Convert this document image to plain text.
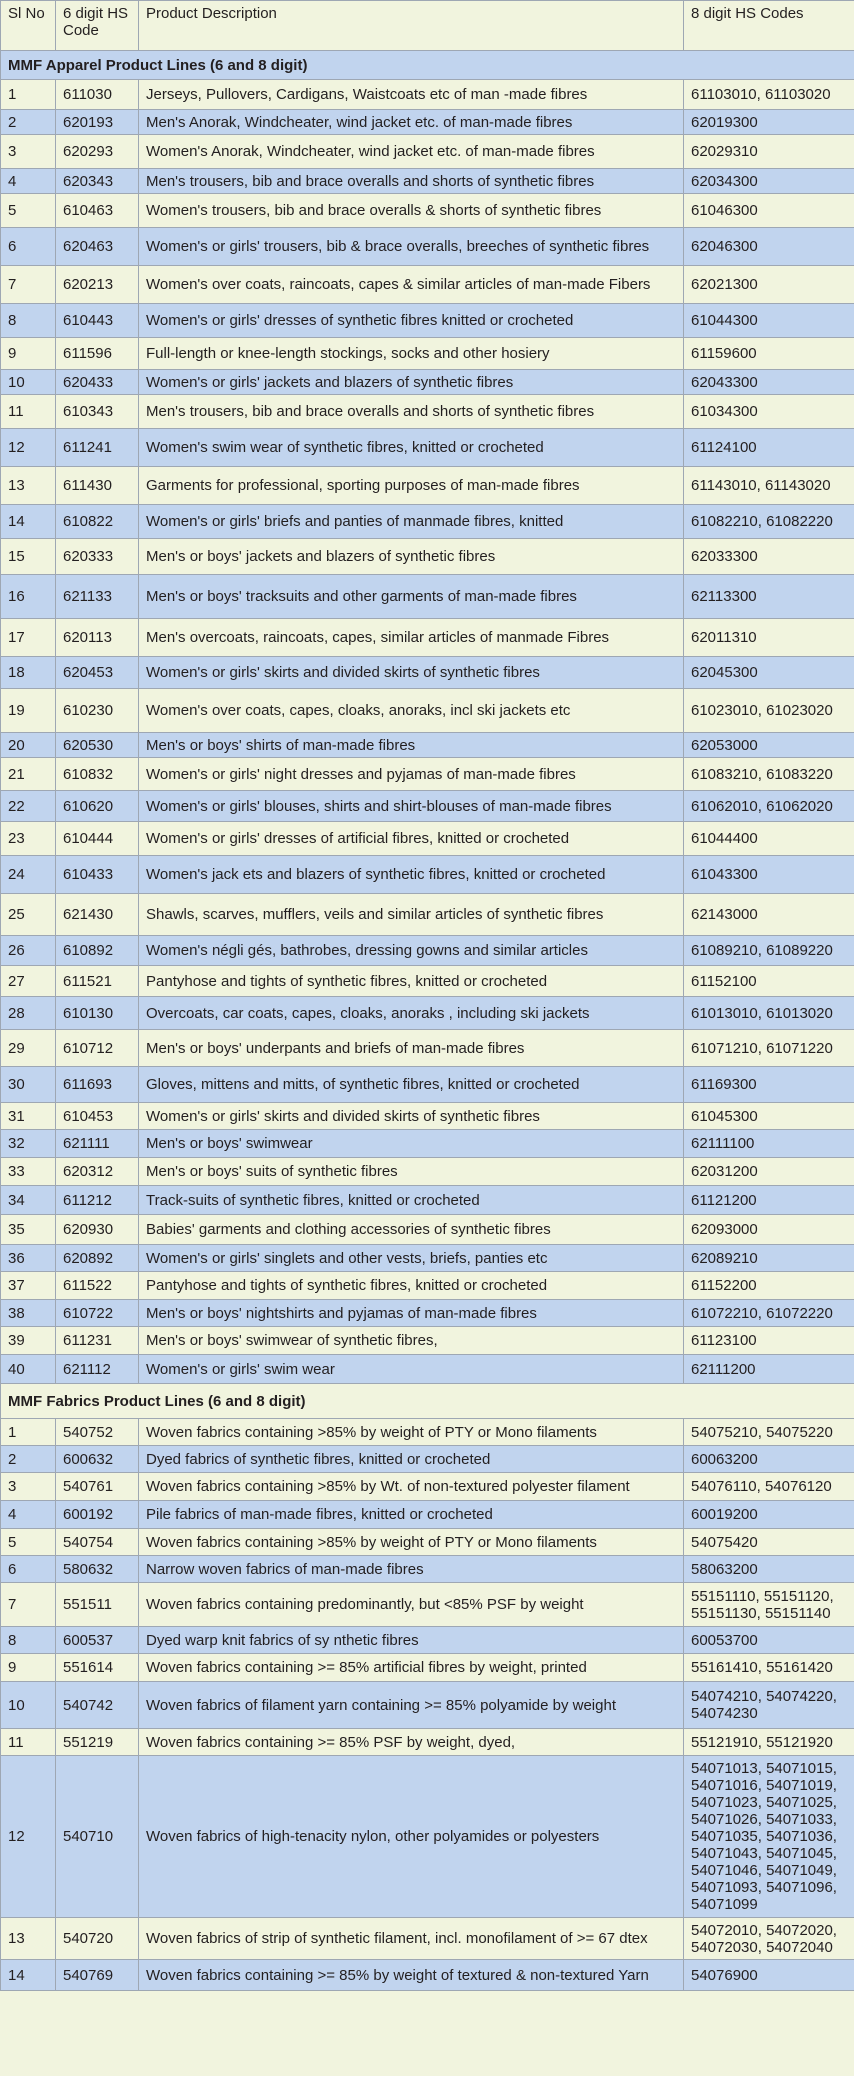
Sl No	6 digit HS Code	Product Description	8 digit HS Codes
MMF Apparel Product Lines (6 and 8 digit)			
1	611030	Jerseys, Pullovers, Cardigans, Waistcoats etc of man -made fibres	61103010, 61103020
2	620193	Men's Anorak, Windcheater, wind jacket etc. of man-made fibres	62019300
3	620293	Women's Anorak, Windcheater, wind jacket etc. of man-made fibres	62029310
4	620343	Men's trousers, bib and brace overalls and shorts of synthetic fibres	62034300
5	610463	Women's trousers, bib and brace overalls & shorts of synthetic fibres	61046300
6	620463	Women's or girls' trousers, bib & brace overalls, breeches of synthetic fibres	62046300
7	620213	Women's over coats, raincoats, capes & similar articles of man-made Fibers	62021300
8	610443	Women's or girls' dresses of synthetic fibres knitted or crocheted	61044300
9	611596	Full-length or knee-length stockings, socks and other hosiery	61159600
10	620433	Women's or girls' jackets and blazers of synthetic fibres	62043300
11	610343	Men's trousers, bib and brace overalls and shorts of synthetic fibres	61034300
12	611241	Women's swim wear of synthetic fibres, knitted or crocheted	61124100
13	611430	Garments for professional, sporting purposes of man-made fibres	61143010, 61143020
14	610822	Women's or girls' briefs and panties of manmade fibres, knitted	61082210, 61082220
15	620333	Men's or boys' jackets and blazers of synthetic fibres	62033300
16	621133	Men's or boys' tracksuits and other garments of man-made fibres	62113300
17	620113	Men's overcoats, raincoats, capes, similar articles of manmade Fibres	62011310
18	620453	Women's or girls' skirts and divided skirts of synthetic fibres	62045300
19	610230	Women's over coats, capes, cloaks, anoraks, incl ski jackets etc	61023010, 61023020
20	620530	Men's or boys' shirts of man-made fibres	62053000
21	610832	Women's or girls' night dresses and pyjamas of man-made fibres	61083210, 61083220
22	610620	Women's or girls' blouses, shirts and shirt-blouses of man-made fibres	61062010, 61062020
23	610444	Women's or girls' dresses of artificial fibres, knitted or crocheted	61044400
24	610433	Women's jack ets and blazers of synthetic fibres, knitted or crocheted	61043300
25	621430	Shawls, scarves, mufflers, veils and similar articles of synthetic fibres	62143000
26	610892	Women's négli gés, bathrobes, dressing gowns and similar articles	61089210, 61089220
27	611521	Pantyhose and tights of synthetic fibres, knitted or crocheted	61152100
28	610130	Overcoats, car coats, capes, cloaks, anoraks , including ski jackets	61013010, 61013020
29	610712	Men's or boys' underpants and briefs of man-made fibres	61071210, 61071220
30	611693	Gloves, mittens and mitts, of synthetic fibres, knitted or crocheted	61169300
31	610453	Women's or girls' skirts and divided skirts of synthetic fibres	61045300
32	621111	Men's or boys' swimwear	62111100
33	620312	Men's or boys' suits of synthetic fibres	62031200
34	611212	Track-suits of synthetic fibres, knitted or crocheted	61121200
35	620930	Babies' garments and clothing accessories of synthetic fibres	62093000
36	620892	Women's or girls' singlets and other vests, briefs, panties etc	62089210
37	611522	Pantyhose and tights of synthetic fibres, knitted or crocheted	61152200
38	610722	Men's or boys' nightshirts and pyjamas of man-made fibres	61072210, 61072220
39	611231	Men's or boys' swimwear of synthetic fibres,	61123100
40	621112	Women's or girls' swim wear	62111200
MMF Fabrics Product Lines (6 and 8 digit)			
1	540752	Woven fabrics containing >85% by weight of PTY or Mono filaments	54075210, 54075220
2	600632	Dyed fabrics of synthetic fibres, knitted or crocheted	60063200
3	540761	Woven fabrics containing >85% by Wt. of non-textured polyester filament	54076110, 54076120
4	600192	Pile fabrics of man-made fibres, knitted or crocheted	60019200
5	540754	Woven fabrics containing >85% by weight of PTY or Mono filaments	54075420
6	580632	Narrow woven fabrics of man-made fibres	58063200
7	551511	Woven fabrics containing predominantly, but <85% PSF by weight	55151110, 55151120, 55151130, 55151140
8	600537	Dyed warp knit fabrics of sy nthetic fibres	60053700
9	551614	Woven fabrics containing >= 85% artificial fibres by weight, printed	55161410, 55161420
10	540742	Woven fabrics of filament yarn containing >= 85% polyamide by weight	54074210, 54074220, 54074230
11	551219	Woven fabrics containing >= 85% PSF by weight, dyed,	55121910, 55121920
12	540710	Woven fabrics of high-tenacity nylon, other polyamides or polyesters	54071013, 54071015, 54071016, 54071019, 54071023, 54071025, 54071026, 54071033, 54071035, 54071036, 54071043, 54071045, 54071046, 54071049, 54071093, 54071096, 54071099
13	540720	Woven fabrics of strip of synthetic filament, incl. monofilament of >= 67 dtex	54072010, 54072020, 54072030, 54072040
14	540769	Woven fabrics containing >= 85% by weight of textured & non-textured Yarn	54076900
